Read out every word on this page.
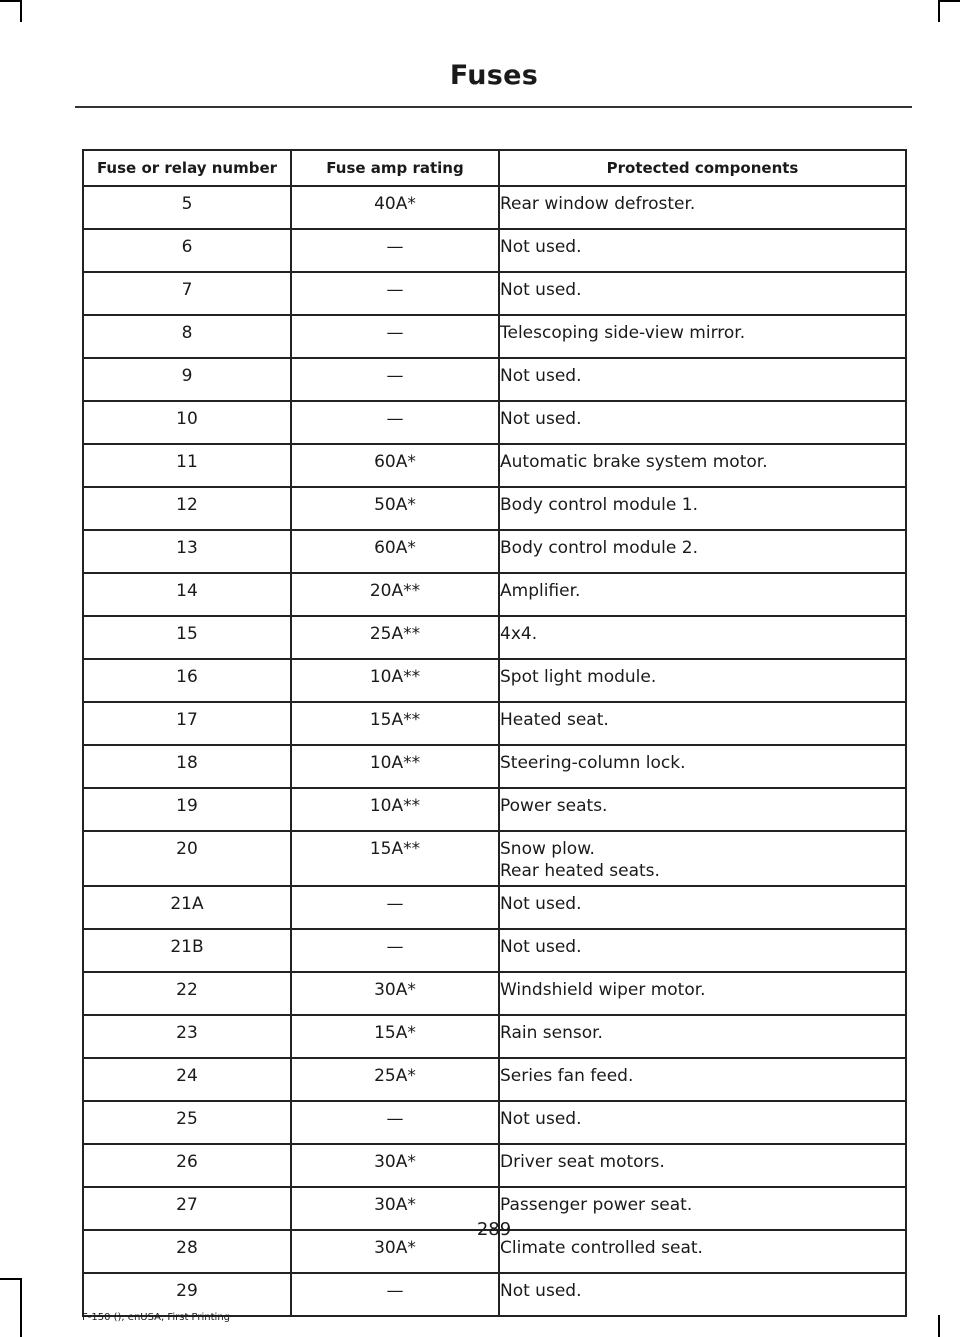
Fuses
Fuse or relay number	Fuse amp rating	Protected components
5	40A*	Rear window defroster.

6	—	Not used.

7	—	Not used.

8	—	Telescoping side-view mirror.

9	—	Not used.

10	—	Not used.

11	60A*	Automatic brake system motor.

12	50A*	Body control module 1.

13	60A*	Body control module 2.

14	20A**	Amplifier.

15	25A**	4x4.

16	10A**	Spot light module.

17	15A**	Heated seat.

18	10A**	Steering-column lock.

19	10A**	Power seats.

20	15A**	Snow plow.
Rear heated seats.

21A	—	Not used.

21B	—	Not used.

22	30A*	Windshield wiper motor.

23	15A*	Rain sensor.

24	25A*	Series fan feed.

25	—	Not used.

26	30A*	Driver seat motors.

27	30A*	Passenger power seat.

28	30A*	Climate controlled seat.

29	—	Not used.
289
F-150 (), enUSA, First Printing
